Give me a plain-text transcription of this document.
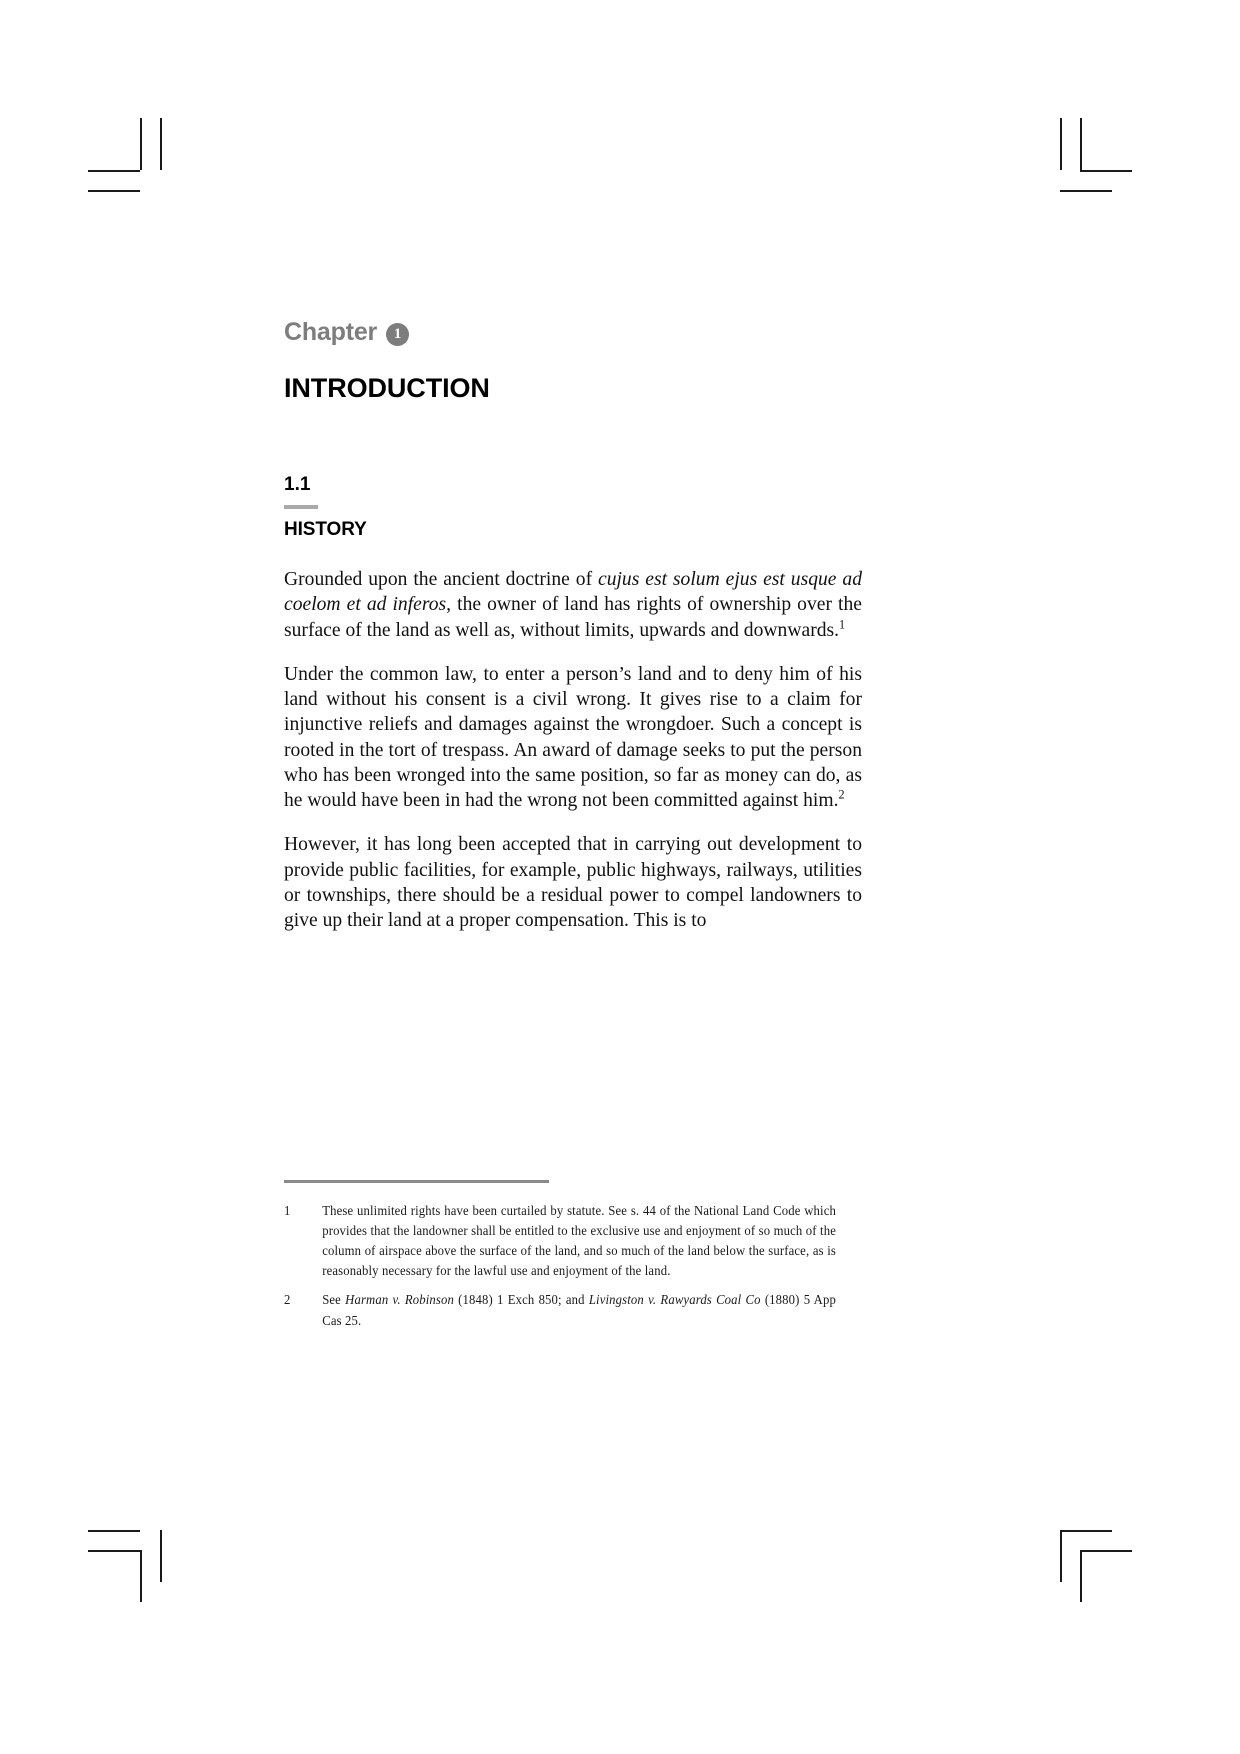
Chapter	1
INTRODUCTION
1.1
HISTORY

Grounded upon the ancient doctrine of cujus est solum ejus est usque ad coelom et ad inferos, the owner of land has rights of ownership over the surface of the land as well as, without limits, upwards and downwards.$^1$

Under the common law, to enter a person’s land and to deny him of his land without his consent is a civil wrong. It gives rise to a claim for injunctive reliefs and damages against the wrongdoer. Such a concept is rooted in the tort of trespass. An award of damage seeks to put the person who has been wronged into the same position, so far as money can do, as he would have been in had the wrong not been committed against him.$^2$

However, it has long been accepted that in carrying out development to provide public facilities, for example, public highways, railways, utilities or townships, there should be a residual power to compel landowners to give up their land at a proper compensation. This is to

1	These unlimited rights have been curtailed by statute. See s. 44 of the National Land Code which provides that the landowner shall be entitled to the exclusive use and enjoyment of so much of the column of airspace above the surface of the land, and so much of the land below the surface, as is reasonably necessary for the lawful use and enjoyment of the land.
2	See Harman v. Robinson (1848) 1 Exch 850; and Livingston v. Rawyards Coal Co (1880) 5 App Cas 25.
